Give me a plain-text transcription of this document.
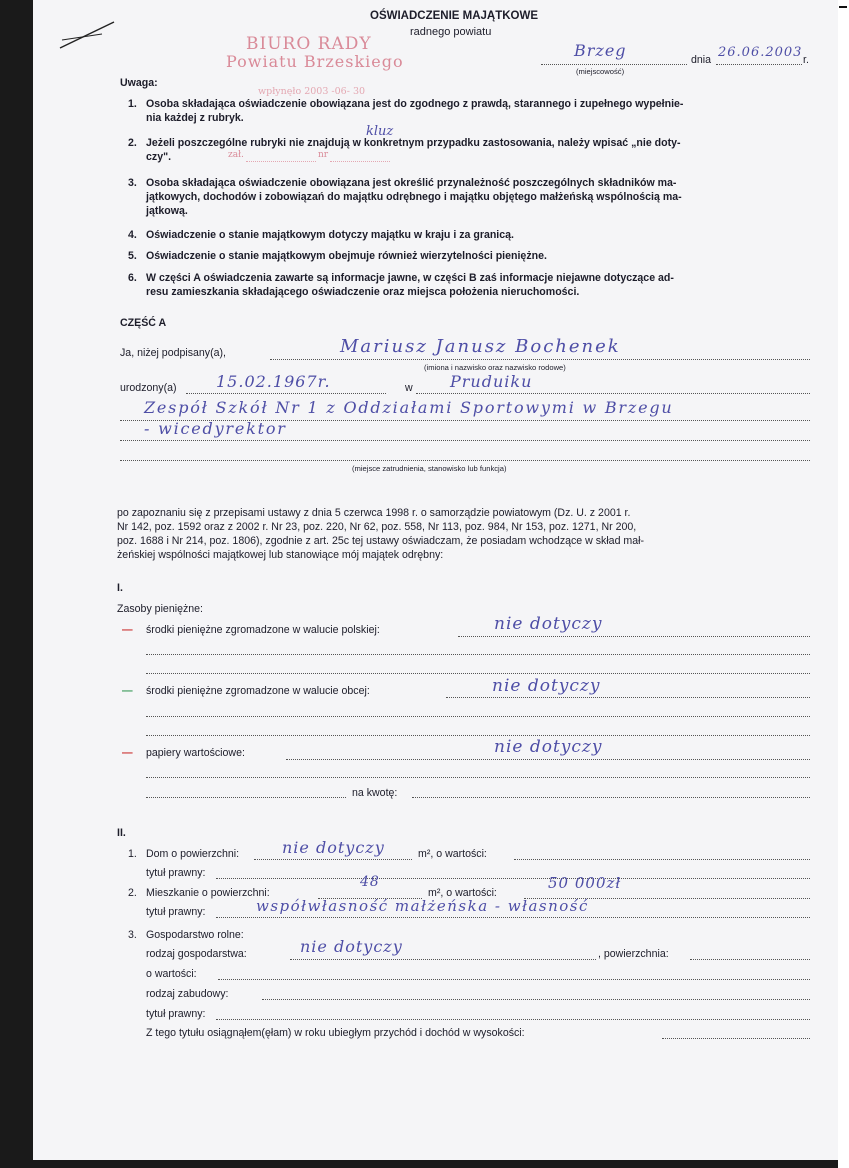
OŚWIADCZENIE MAJĄTKOWE
radnego powiatu
BIURO RADY
Powiatu Brzeskiego
wpłynęło 2003 -06- 30
Brzeg
(miejscowość)
dnia 26.06.2003 r.
Uwaga:
1. Osoba składająca oświadczenie obowiązana jest do zgodnego z prawdą, starannego i zupełnego wypełnie-
nia każdej z rubryk.
2. Jeżeli poszczególne rubryki nie znajdują w konkretnym przypadku zastosowania, należy wpisać „nie doty-
czy".	zał.	nr
kluz
3. Osoba składająca oświadczenie obowiązana jest określić przynależność poszczególnych składników ma-
jątkowych, dochodów i zobowiązań do majątku odrębnego i majątku objętego małżeńską wspólnością ma-
jątkową.
4. Oświadczenie o stanie majątkowym dotyczy majątku w kraju i za granicą.
5. Oświadczenie o stanie majątkowym obejmuje również wierzytelności pieniężne.
6. W części A oświadczenia zawarte są informacje jawne, w części B zaś informacje niejawne dotyczące ad-
resu zamieszkania składającego oświadczenie oraz miejsca położenia nieruchomości.
CZĘŚĆ A
Ja, niżej podpisany(a),	Mariusz Janusz Bochenek
(imiona i nazwisko oraz nazwisko rodowe)
urodzony(a) 15.02.1967r.	w Pruduiku
Zespół Szkół Nr 1 z Oddziałami Sportowymi w Brzegu
- wicedyrektor
(miejsce zatrudnienia, stanowisko lub funkcja)
po zapoznaniu się z przepisami ustawy z dnia 5 czerwca 1998 r. o samorządzie powiatowym (Dz. U. z 2001 r.
Nr 142, poz. 1592 oraz z 2002 r. Nr 23, poz. 220, Nr 62, poz. 558, Nr 113, poz. 984, Nr 153, poz. 1271, Nr 200,
poz. 1688 i Nr 214, poz. 1806), zgodnie z art. 25c tej ustawy oświadczam, że posiadam wchodzące w skład mał-
żeńskiej wspólności majątkowej lub stanowiące mój majątek odrębny:
I.
Zasoby pieniężne:
— środki pieniężne zgromadzone w walucie polskiej:	nie dotyczy
— środki pieniężne zgromadzone w walucie obcej:	nie dotyczy
— papiery wartościowe:	nie dotyczy
na kwotę:
II.
1. Dom o powierzchni:	nie dotyczy	m², o wartości:
tytuł prawny:
2. Mieszkanie o powierzchni:
48
m², o wartości:
50 000zł
tytuł prawny:	współwłasność małżeńska - własność
3. Gospodarstwo rolne:
rodzaj gospodarstwa:	nie dotyczy	, powierzchnia:
o wartości:
rodzaj zabudowy:
tytuł prawny:
Z tego tytułu osiągnąłem(ęłam) w roku ubiegłym przychód i dochód w wysokości:
